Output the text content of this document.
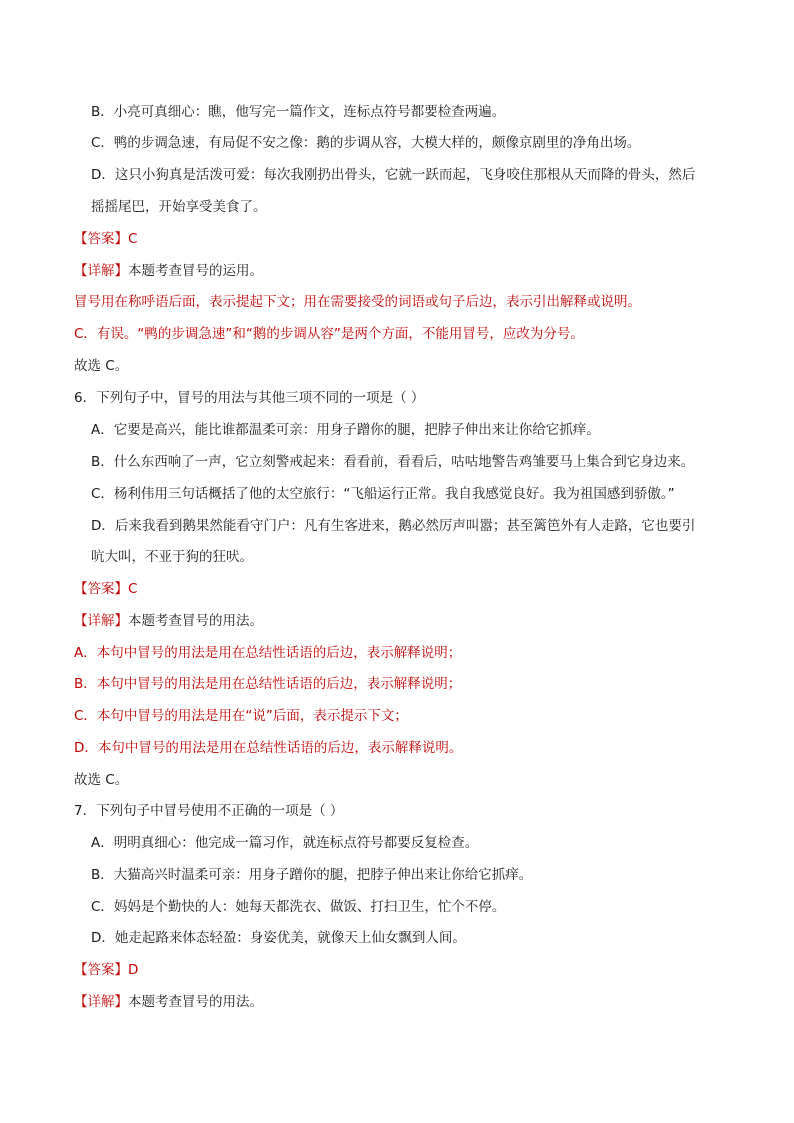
B．小亮可真细心：瞧，他写完一篇作文，连标点符号都要检查两遍。
C．鸭的步调急速，有局促不安之像：鹅的步调从容，大模大样的，颇像京剧里的净角出场。
D．这只小狗真是活泼可爱：每次我刚扔出骨头，它就一跃而起，飞身咬住那根从天而降的骨头，然后
摇摇尾巴，开始享受美食了。
【答案】C
【详解】本题考查冒号的运用。
冒号用在称呼语后面，表示提起下文；用在需要接受的词语或句子后边，表示引出解释或说明。
C．有误。“鸭的步调急速”和“鹅的步调从容”是两个方面，不能用冒号，应改为分号。
故选 C。
6．下列句子中，冒号的用法与其他三项不同的一项是（ ）
A．它要是高兴，能比谁都温柔可亲：用身子蹭你的腿，把脖子伸出来让你给它抓痒。
B．什么东西响了一声，它立刻警戒起来：看看前，看看后，咕咕地警告鸡雏要马上集合到它身边来。
C．杨利伟用三句话概括了他的太空旅行：“飞船运行正常。我自我感觉良好。我为祖国感到骄傲。”
D．后来我看到鹅果然能看守门户：凡有生客进来，鹅必然厉声叫嚣；甚至篱笆外有人走路，它也要引
吭大叫，不亚于狗的狂吠。
【答案】C
【详解】本题考查冒号的用法。
A．本句中冒号的用法是用在总结性话语的后边，表示解释说明；
B．本句中冒号的用法是用在总结性话语的后边，表示解释说明；
C．本句中冒号的用法是用在“说”后面，表示提示下文；
D．本句中冒号的用法是用在总结性话语的后边，表示解释说明。
故选 C。
7．下列句子中冒号使用不正确的一项是（ ）
A．明明真细心：他完成一篇习作，就连标点符号都要反复检查。
B．大猫高兴时温柔可亲：用身子蹭你的腿，把脖子伸出来让你给它抓痒。
C．妈妈是个勤快的人：她每天都洗衣、做饭、打扫卫生，忙个不停。
D．她走起路来体态轻盈：身姿优美，就像天上仙女飘到人间。
【答案】D
【详解】本题考查冒号的用法。
